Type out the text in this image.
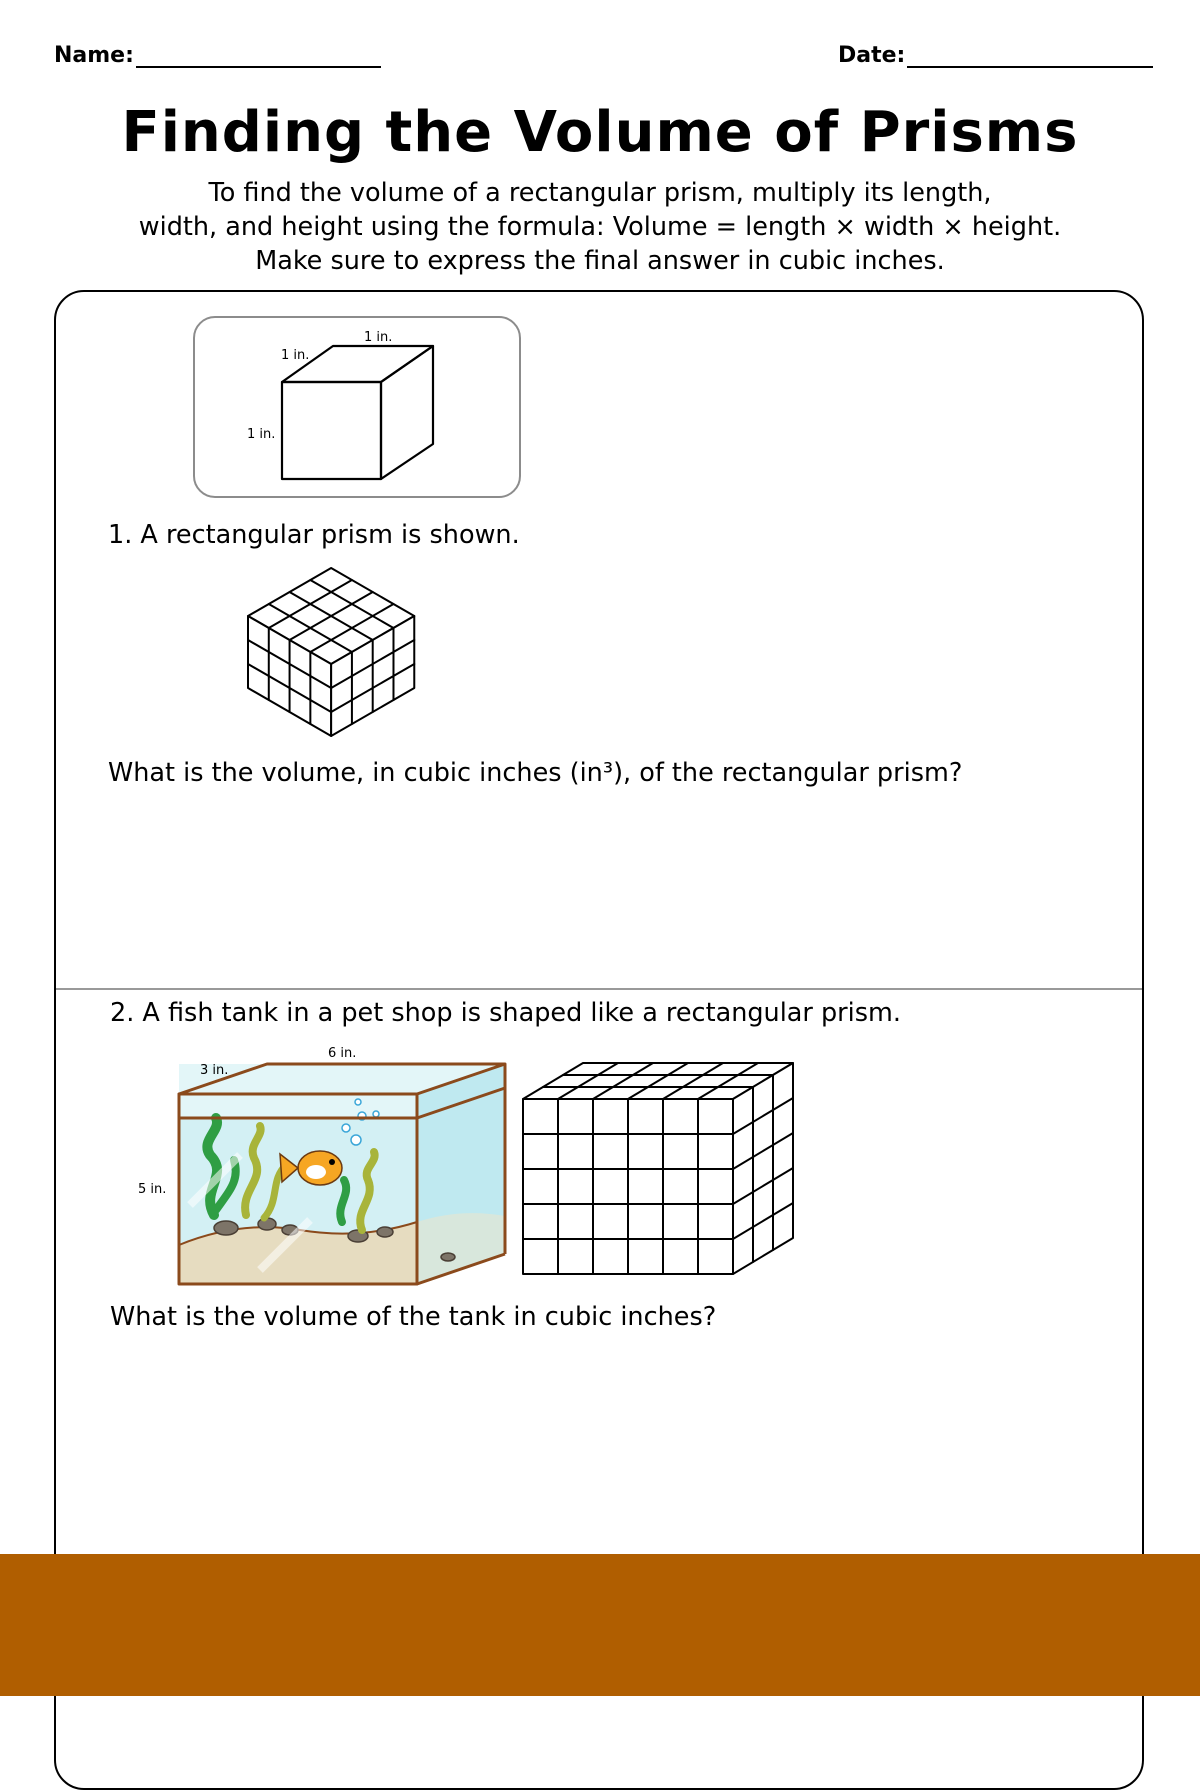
Name:	Date:
Finding the Volume of Prisms
To find the volume of a rectangular prism, multiply its length,
width, and height using the formula: Volume = length × width × height.
Make sure to express the final answer in cubic inches.
1 in.
1 in.
1 in.
1. A rectangular prism is shown.
What is the volume, in cubic inches (in³), of the rectangular prism?
2. A fish tank in a pet shop is shaped like a rectangular prism.
6 in.
3 in.
5 in.
What is the volume of the tank in cubic inches?
